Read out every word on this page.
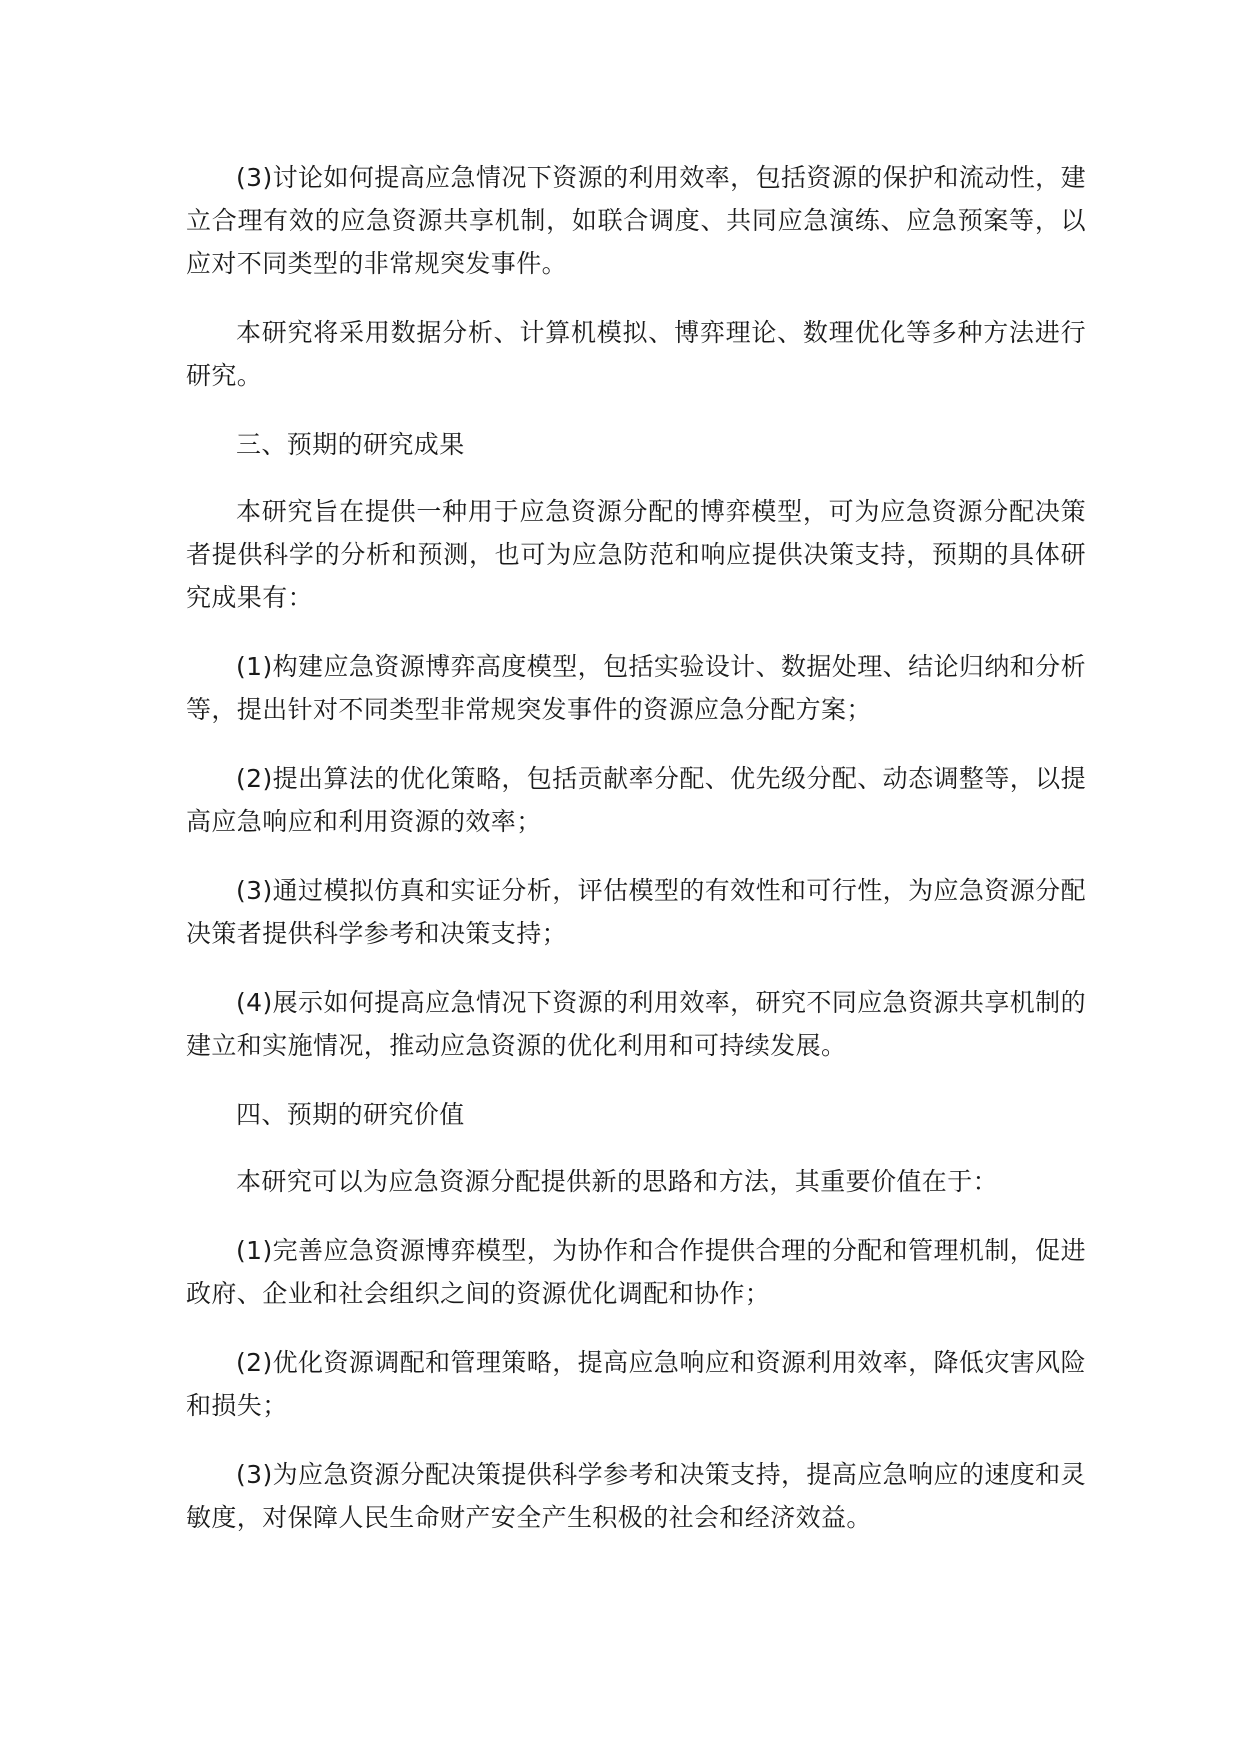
(3)讨论如何提高应急情况下资源的利用效率，包括资源的保护和流动性，建立合理有效的应急资源共享机制，如联合调度、共同应急演练、应急预案等，以应对不同类型的非常规突发事件。

本研究将采用数据分析、计算机模拟、博弈理论、数理优化等多种方法进行研究。

三、预期的研究成果

本研究旨在提供一种用于应急资源分配的博弈模型，可为应急资源分配决策者提供科学的分析和预测，也可为应急防范和响应提供决策支持，预期的具体研究成果有：

(1)构建应急资源博弈高度模型，包括实验设计、数据处理、结论归纳和分析等，提出针对不同类型非常规突发事件的资源应急分配方案；

(2)提出算法的优化策略，包括贡献率分配、优先级分配、动态调整等，以提高应急响应和利用资源的效率；

(3)通过模拟仿真和实证分析，评估模型的有效性和可行性，为应急资源分配决策者提供科学参考和决策支持；

(4)展示如何提高应急情况下资源的利用效率，研究不同应急资源共享机制的建立和实施情况，推动应急资源的优化利用和可持续发展。

四、预期的研究价值

本研究可以为应急资源分配提供新的思路和方法，其重要价值在于：

(1)完善应急资源博弈模型，为协作和合作提供合理的分配和管理机制，促进政府、企业和社会组织之间的资源优化调配和协作；

(2)优化资源调配和管理策略，提高应急响应和资源利用效率，降低灾害风险和损失；

(3)为应急资源分配决策提供科学参考和决策支持，提高应急响应的速度和灵敏度，对保障人民生命财产安全产生积极的社会和经济效益。
